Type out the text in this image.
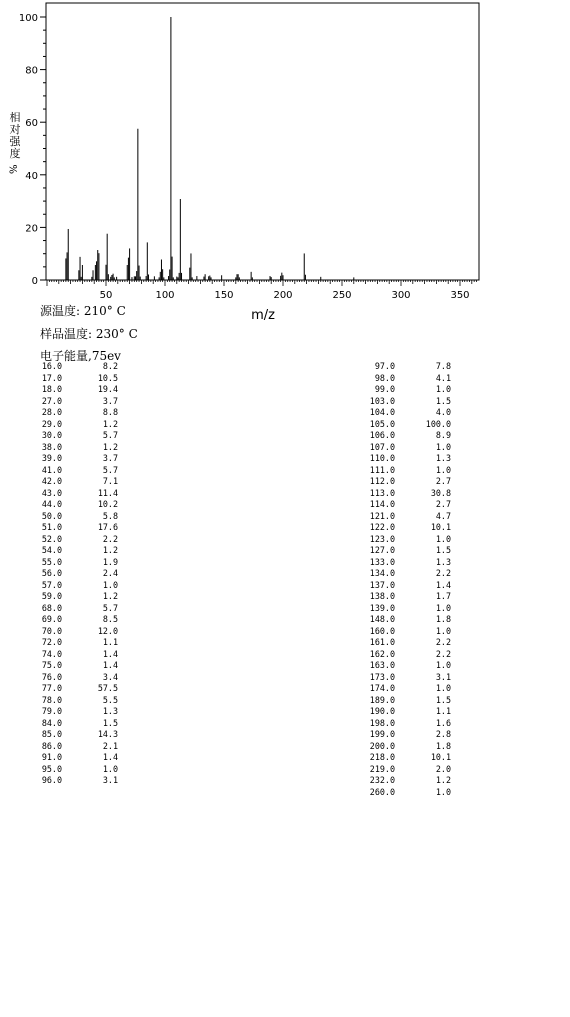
0
20
40
60
80
100
50	100	150	200	250	300	350
m/z
相
对
强
度
%
源温度: 210° C
样品温度: 230° C
电子能量,75ev
16.0	8.2
17.0	10.5
18.0	19.4
27.0	3.7
28.0	8.8
29.0	1.2
30.0	5.7
38.0	1.2
39.0	3.7
41.0	5.7
42.0	7.1
43.0	11.4
44.0	10.2
50.0	5.8
51.0	17.6
52.0	2.2
54.0	1.2
55.0	1.9
56.0	2.4
57.0	1.0
59.0	1.2
68.0	5.7
69.0	8.5
70.0	12.0
72.0	1.1
74.0	1.4
75.0	1.4
76.0	3.4
77.0	57.5
78.0	5.5
79.0	1.3
84.0	1.5
85.0	14.3
86.0	2.1
91.0	1.4
95.0	1.0
96.0	3.1
97.0	7.8
98.0	4.1
99.0	1.0
103.0	1.5
104.0	4.0
105.0	100.0
106.0	8.9
107.0	1.0
110.0	1.3
111.0	1.0
112.0	2.7
113.0	30.8
114.0	2.7
121.0	4.7
122.0	10.1
123.0	1.0
127.0	1.5
133.0	1.3
134.0	2.2
137.0	1.4
138.0	1.7
139.0	1.0
148.0	1.8
160.0	1.0
161.0	2.2
162.0	2.2
163.0	1.0
173.0	3.1
174.0	1.0
189.0	1.5
190.0	1.1
198.0	1.6
199.0	2.8
200.0	1.8
218.0	10.1
219.0	2.0
232.0	1.2
260.0	1.0
